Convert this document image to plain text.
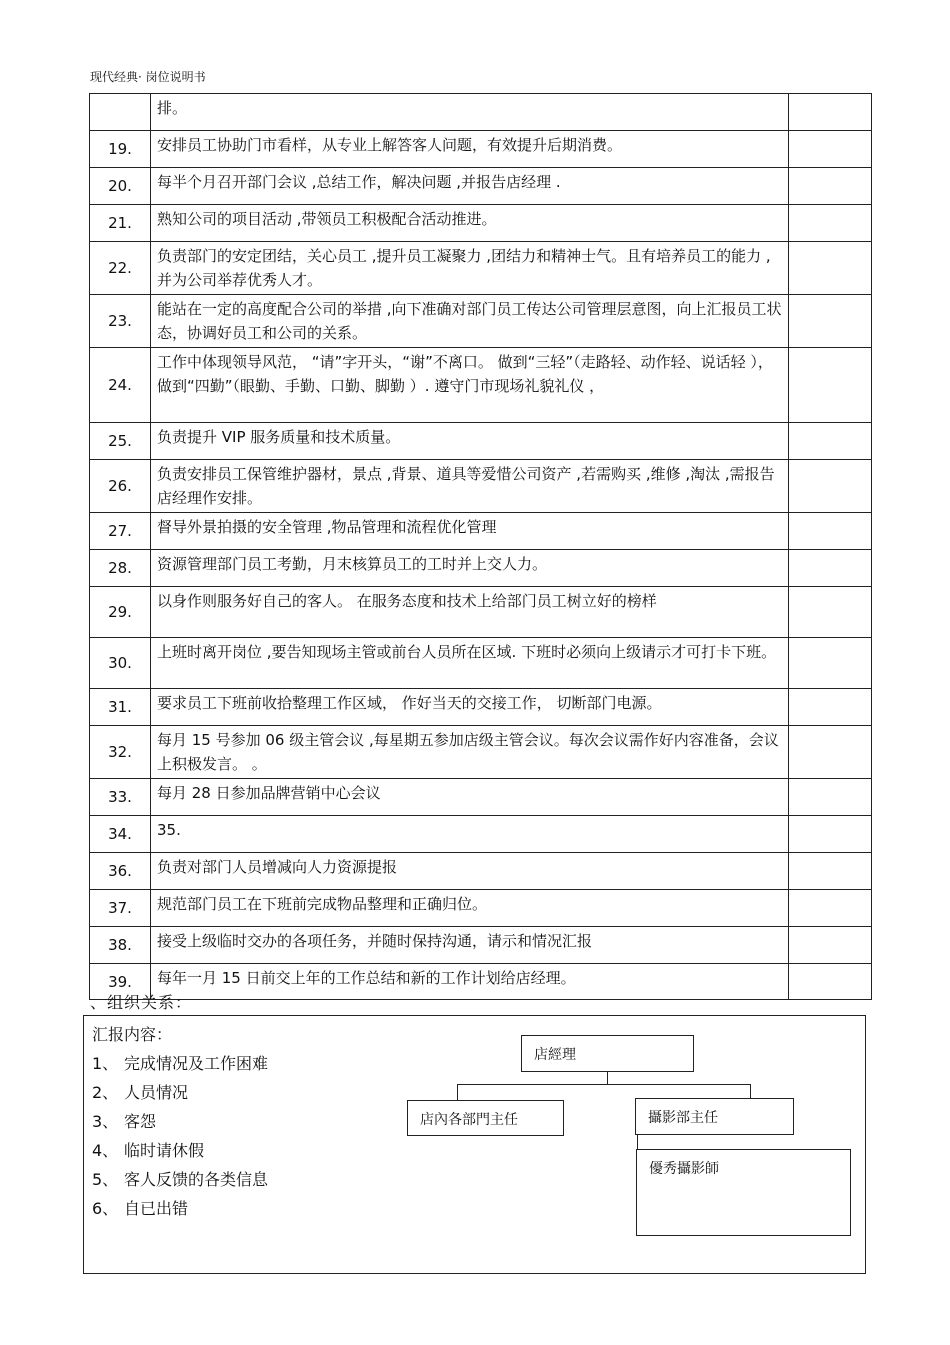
现代经典· 岗位说明书
	排。	
19.	安排员工协助门市看样，从专业上解答客人问题，有效提升后期消费。	
20.	每半个月召开部门会议 ,总结工作，解决问题 ,并报告店经理 .	
21.	熟知公司的项目活动 ,带领员工积极配合活动推进。	
22.	负责部门的安定团结，关心员工 ,提升员工凝聚力 ,团结力和精神士气。且有培养员工的能力 ,并为公司举荐优秀人才。	
23.	能站在一定的高度配合公司的举措 ,向下准确对部门员工传达公司管理层意图，向上汇报员工状态，协调好员工和公司的关系。	
24.	工作中体现领导风范， “请”字开头，“谢”不离口。 做到“三轻”（走路轻、动作轻、说话轻 ），做到“四勤”（眼勤、手勤、口勤、脚勤 ）. 遵守门市现场礼貌礼仪 ，	
25.	负责提升 VIP 服务质量和技术质量。	
26.	负责安排员工保管维护器材，景点 ,背景、道具等爱惜公司资产 ,若需购买 ,维修 ,淘汰 ,需报告店经理作安排。	
27.	督导外景拍摄的安全管理 ,物品管理和流程优化管理	
28.	资源管理部门员工考勤，月末核算员工的工时并上交人力。	
29.	以身作则服务好自己的客人。 在服务态度和技术上给部门员工树立好的榜样	
30.	上班时离开岗位 ,要告知现场主管或前台人员所在区域. 下班时必须向上级请示才可打卡下班。	
31.	要求员工下班前收拾整理工作区域， 作好当天的交接工作， 切断部门电源。	
32.	每月 15 号参加 06 级主管会议 ,每星期五参加店级主管会议。每次会议需作好内容准备，会议上积极发言。 。	
33.	每月 28 日参加品牌营销中心会议	
34.	35.	
36.	负责对部门人员增减向人力资源提报	
37.	规范部门员工在下班前完成物品整理和正确归位。	
38.	接受上级临时交办的各项任务，并随时保持沟通，请示和情况汇报	
39.	每年一月 15 日前交上年的工作总结和新的工作计划给店经理。	
、组织关系：
汇报内容：
1、 完成情况及工作困难
2、 人员情况
3、 客怨
4、 临时请休假
5、 客人反馈的各类信息
6、 自已出错
店經理
店內各部門主任	攝影部主任
優秀攝影師
